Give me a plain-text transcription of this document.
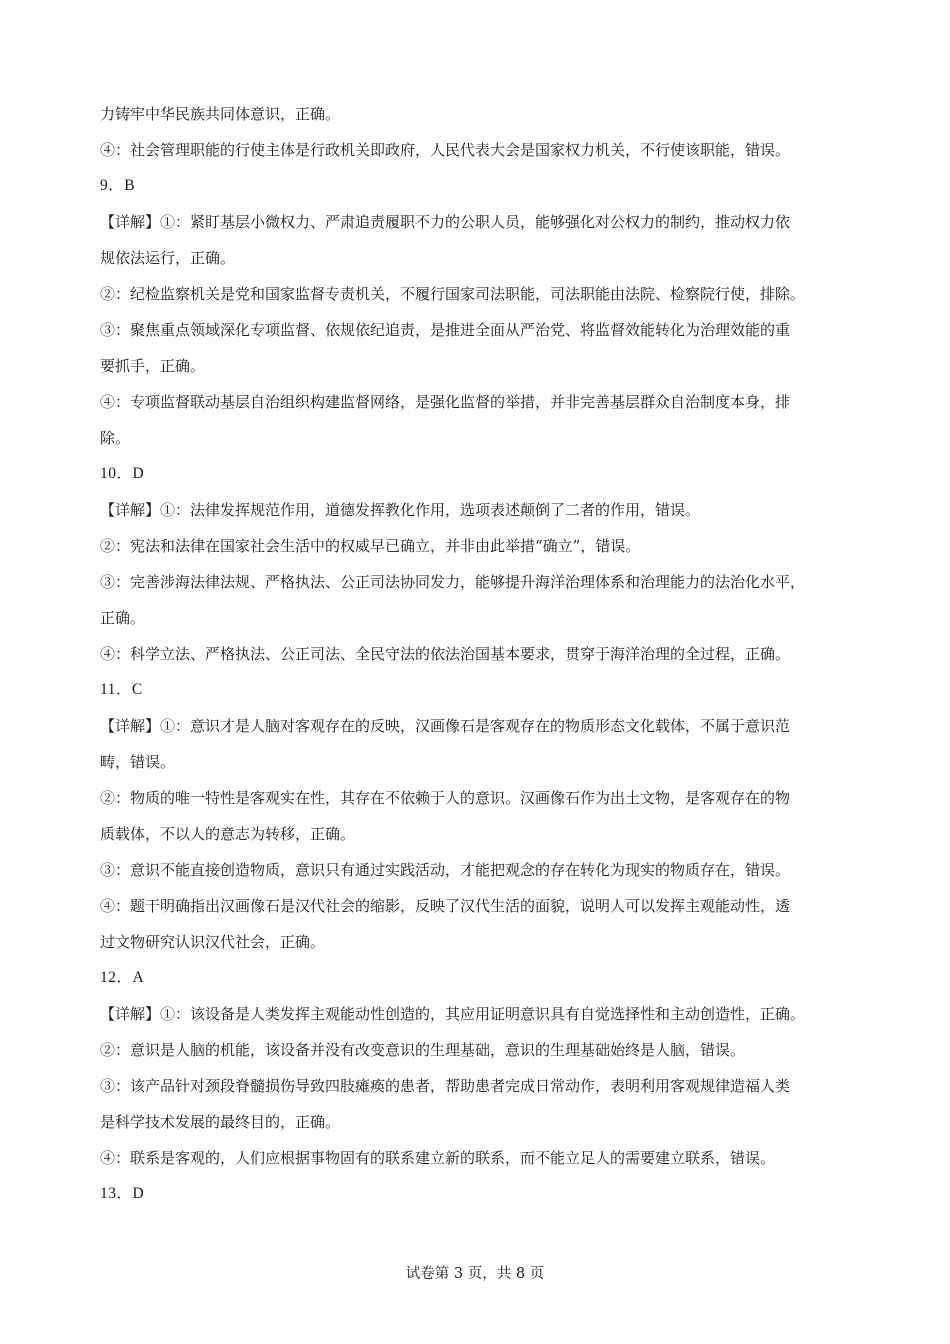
力铸牢中华民族共同体意识，正确。
④：社会管理职能的行使主体是行政机关即政府，人民代表大会是国家权力机关，不行使该职能，错误。
9．B
【详解】①：紧盯基层小微权力、严肃追责履职不力的公职人员，能够强化对公权力的制约，推动权力依
规依法运行，正确。
②：纪检监察机关是党和国家监督专责机关，不履行国家司法职能，司法职能由法院、检察院行使，排除。
③：聚焦重点领域深化专项监督、依规依纪追责，是推进全面从严治党、将监督效能转化为治理效能的重
要抓手，正确。
④：专项监督联动基层自治组织构建监督网络，是强化监督的举措，并非完善基层群众自治制度本身，排
除。
10．D
【详解】①：法律发挥规范作用，道德发挥教化作用，选项表述颠倒了二者的作用，错误。
②：宪法和法律在国家社会生活中的权威早已确立，并非由此举措“确立”，错误。
③：完善涉海法律法规、严格执法、公正司法协同发力，能够提升海洋治理体系和治理能力的法治化水平，
正确。
④：科学立法、严格执法、公正司法、全民守法的依法治国基本要求，贯穿于海洋治理的全过程，正确。
11．C
【详解】①：意识才是人脑对客观存在的反映，汉画像石是客观存在的物质形态文化载体，不属于意识范
畴，错误。
②：物质的唯一特性是客观实在性，其存在不依赖于人的意识。汉画像石作为出土文物，是客观存在的物
质载体，不以人的意志为转移，正确。
③：意识不能直接创造物质，意识只有通过实践活动，才能把观念的存在转化为现实的物质存在，错误。
④：题干明确指出汉画像石是汉代社会的缩影，反映了汉代生活的面貌，说明人可以发挥主观能动性，透
过文物研究认识汉代社会，正确。
12．A
【详解】①：该设备是人类发挥主观能动性创造的，其应用证明意识具有自觉选择性和主动创造性，正确。
②：意识是人脑的机能，该设备并没有改变意识的生理基础，意识的生理基础始终是人脑，错误。
③：该产品针对颈段脊髓损伤导致四肢瘫痪的患者，帮助患者完成日常动作，表明利用客观规律造福人类
是科学技术发展的最终目的，正确。
④：联系是客观的，人们应根据事物固有的联系建立新的联系，而不能立足人的需要建立联系，错误。
13．D
试卷第 3 页，共 8 页
